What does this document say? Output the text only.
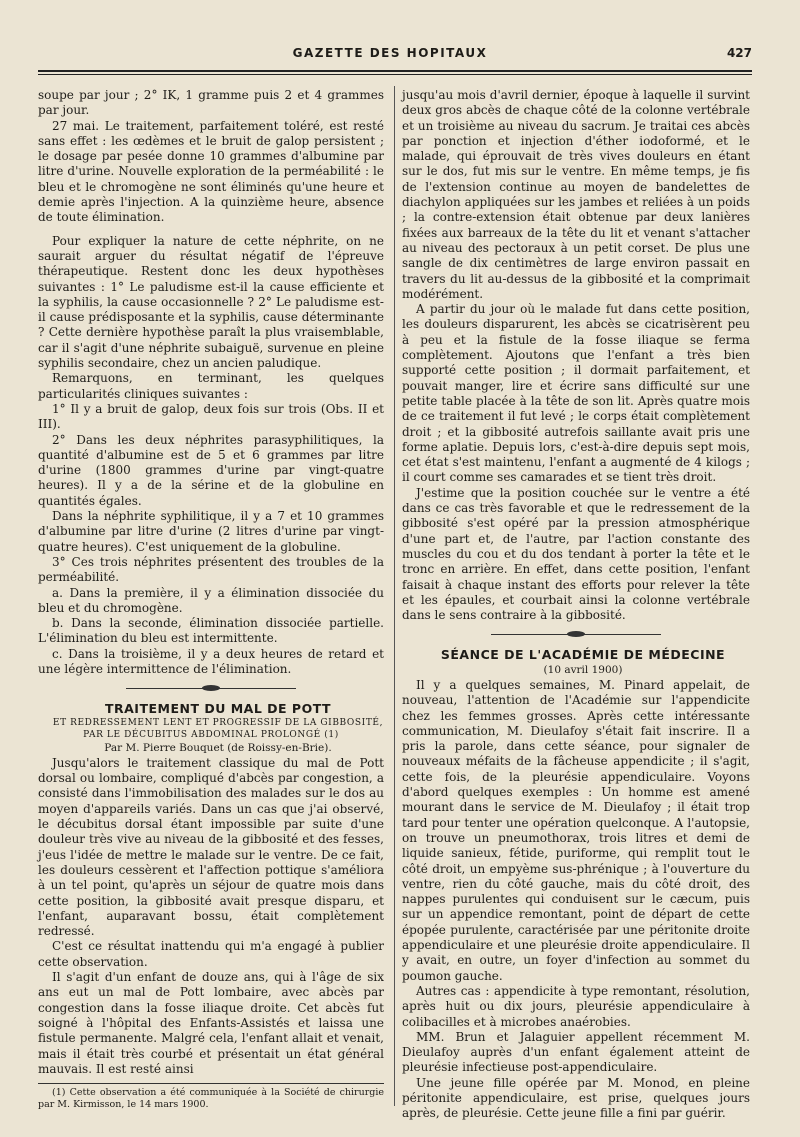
GAZETTE DES HOPITAUX	427

soupe par jour ; 2° IK, 1 gramme puis 2 et 4 grammes par jour.

27 mai. Le traitement, parfaitement toléré, est resté sans effet : les œdèmes et le bruit de galop persistent ; le dosage par pesée donne 10 grammes d'albumine par litre d'urine. Nouvelle exploration de la perméabilité : le bleu et le chromogène ne sont éliminés qu'une heure et demie après l'injection. A la quinzième heure, absence de toute élimination.

Pour expliquer la nature de cette néphrite, on ne saurait arguer du résultat négatif de l'épreuve thérapeutique. Restent donc les deux hypothèses suivantes : 1° Le paludisme est-il la cause efficiente et la syphilis, la cause occasionnelle ? 2° Le paludisme est-il cause prédisposante et la syphilis, cause déterminante ? Cette dernière hypothèse paraît la plus vraisemblable, car il s'agit d'une néphrite subaiguë, survenue en pleine syphilis secondaire, chez un ancien paludique.

Remarquons, en terminant, les quelques particularités cliniques suivantes :

1° Il y a bruit de galop, deux fois sur trois (Obs. II et III).

2° Dans les deux néphrites parasyphilitiques, la quantité d'albumine est de 5 et 6 grammes par litre d'urine (1800 grammes d'urine par vingt-quatre heures). Il y a de la sérine et de la globuline en quantités égales.

Dans la néphrite syphilitique, il y a 7 et 10 grammes d'albumine par litre d'urine (2 litres d'urine par vingt-quatre heures). C'est uniquement de la globuline.

3° Ces trois néphrites présentent des troubles de la perméabilité.

a. Dans la première, il y a élimination dissociée du bleu et du chromogène.

b. Dans la seconde, élimination dissociée partielle. L'élimination du bleu est intermittente.

c. Dans la troisième, il y a deux heures de retard et une légère intermittence de l'élimination.

TRAITEMENT DU MAL DE POTT

ET REDRESSEMENT LENT ET PROGRESSIF DE LA GIBBOSITÉ, PAR LE DÉCUBITUS ABDOMINAL PROLONGÉ (1)

Par M. Pierre Bouquet (de Roissy-en-Brie).

Jusqu'alors le traitement classique du mal de Pott dorsal ou lombaire, compliqué d'abcès par congestion, a consisté dans l'immobilisation des malades sur le dos au moyen d'appareils variés. Dans un cas que j'ai observé, le décubitus dorsal étant impossible par suite d'une douleur très vive au niveau de la gibbosité et des fesses, j'eus l'idée de mettre le malade sur le ventre. De ce fait, les douleurs cessèrent et l'affection pottique s'améliora à un tel point, qu'après un séjour de quatre mois dans cette position, la gibbosité avait presque disparu, et l'enfant, auparavant bossu, était complètement redressé.

C'est ce résultat inattendu qui m'a engagé à publier cette observation.

Il s'agit d'un enfant de douze ans, qui à l'âge de six ans eut un mal de Pott lombaire, avec abcès par congestion dans la fosse iliaque droite. Cet abcès fut soigné à l'hôpital des Enfants-Assistés et laissa une fistule permanente. Malgré cela, l'enfant allait et venait, mais il était très courbé et présentait un état général mauvais. Il est resté ainsi

(1) Cette observation a été communiquée à la Société de chirurgie par M. Kirmisson, le 14 mars 1900.

jusqu'au mois d'avril dernier, époque à laquelle il survint deux gros abcès de chaque côté de la colonne vertébrale et un troisième au niveau du sacrum. Je traitai ces abcès par ponction et injection d'éther iodoformé, et le malade, qui éprouvait de très vives douleurs en étant sur le dos, fut mis sur le ventre. En même temps, je fis de l'extension continue au moyen de bandelettes de diachylon appliquées sur les jambes et reliées à un poids ; la contre-extension était obtenue par deux lanières fixées aux barreaux de la tête du lit et venant s'attacher au niveau des pectoraux à un petit corset. De plus une sangle de dix centimètres de large environ passait en travers du lit au-dessus de la gibbosité et la comprimait modérément.

A partir du jour où le malade fut dans cette position, les douleurs disparurent, les abcès se cicatrisèrent peu à peu et la fistule de la fosse iliaque se ferma complètement. Ajoutons que l'enfant a très bien supporté cette position ; il dormait parfaitement, et pouvait manger, lire et écrire sans difficulté sur une petite table placée à la tête de son lit. Après quatre mois de ce traitement il fut levé ; le corps était complètement droit ; et la gibbosité autrefois saillante avait pris une forme aplatie. Depuis lors, c'est-à-dire depuis sept mois, cet état s'est maintenu, l'enfant a augmenté de 4 kilogs ; il court comme ses camarades et se tient très droit.

J'estime que la position couchée sur le ventre a été dans ce cas très favorable et que le redressement de la gibbosité s'est opéré par la pression atmosphérique d'une part et, de l'autre, par l'action constante des muscles du cou et du dos tendant à porter la tête et le tronc en arrière. En effet, dans cette position, l'enfant faisait à chaque instant des efforts pour relever la tête et les épaules, et courbait ainsi la colonne vertébrale dans le sens contraire à la gibbosité.

SÉANCE DE L'ACADÉMIE DE MÉDECINE

(10 avril 1900)

Il y a quelques semaines, M. Pinard appelait, de nouveau, l'attention de l'Académie sur l'appendicite chez les femmes grosses. Après cette intéressante communication, M. Dieulafoy s'était fait inscrire. Il a pris la parole, dans cette séance, pour signaler de nouveaux méfaits de la fâcheuse appendicite ; il s'agit, cette fois, de la pleurésie appendiculaire. Voyons d'abord quelques exemples : Un homme est amené mourant dans le service de M. Dieulafoy ; il était trop tard pour tenter une opération quelconque. A l'autopsie, on trouve un pneumothorax, trois litres et demi de liquide sanieux, fétide, puriforme, qui remplit tout le côté droit, un empyème sus-phrénique ; à l'ouverture du ventre, rien du côté gauche, mais du côté droit, des nappes purulentes qui conduisent sur le cæcum, puis sur un appendice remontant, point de départ de cette épopée purulente, caractérisée par une péritonite droite appendiculaire et une pleurésie droite appendiculaire. Il y avait, en outre, un foyer d'infection au sommet du poumon gauche.

Autres cas : appendicite à type remontant, résolution, après huit ou dix jours, pleurésie appendiculaire à colibacilles et à microbes anaérobies.

MM. Brun et Jalaguier appellent récemment M. Dieulafoy auprès d'un enfant également atteint de pleurésie infectieuse post-appendiculaire.

Une jeune fille opérée par M. Monod, en pleine péritonite appendiculaire, est prise, quelques jours après, de pleurésie. Cette jeune fille a fini par guérir.
